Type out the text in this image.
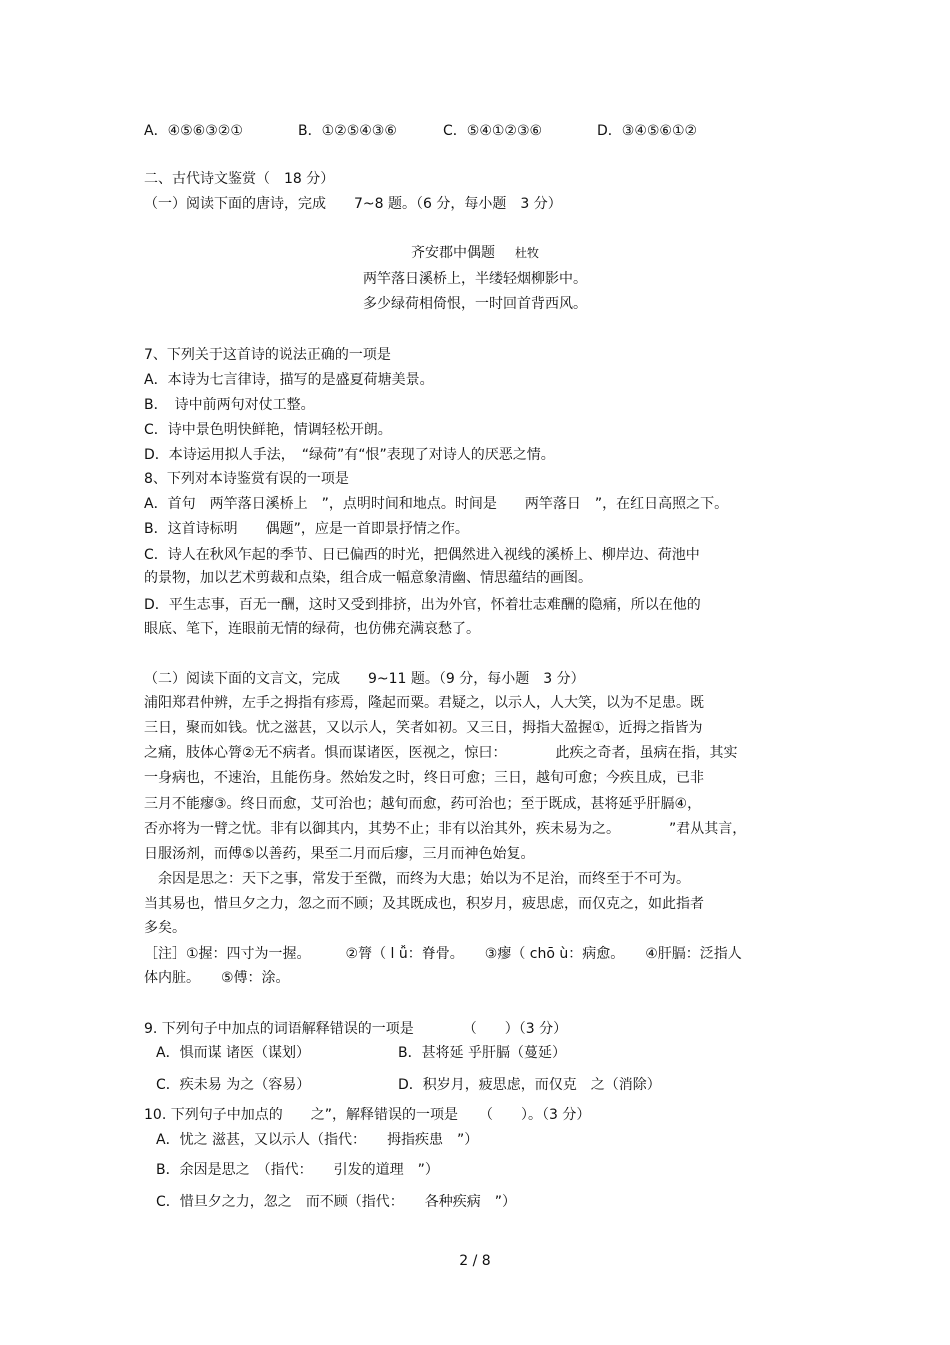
A．④⑤⑥③②①	B．①②⑤④③⑥	C．⑤④①②③⑥	D．③④⑤⑥①②
二、古代诗文鉴赏（　18 分）
（一）阅读下面的唐诗，完成　　7~8 题。（6 分，每小题　3 分）
齐安郡中偶题 杜牧
两竿落日溪桥上，半缕轻烟柳影中。
多少绿荷相倚恨，一时回首背西风。
7、下列关于这首诗的说法正确的一项是
A．本诗为七言律诗，描写的是盛夏荷塘美景。
B．　诗中前两句对仗工整。
C．诗中景色明快鲜艳，情调轻松开朗。
D．本诗运用拟人手法，　“绿荷”有“恨”表现了对诗人的厌恶之情。
8、下列对本诗鉴赏有误的一项是
A．首句　两竿落日溪桥上　”，点明时间和地点。时间是　　两竿落日　”，在红日高照之下。
B．这首诗标明　　偶题”，应是一首即景抒情之作。
C．诗人在秋风乍起的季节、日已偏西的时光，把偶然进入视线的溪桥上、柳岸边、荷池中
的景物，加以艺术剪裁和点染，组合成一幅意象清幽、情思蕴结的画图。
D．平生志事，百无一酬，这时又受到排挤，出为外官，怀着壮志难酬的隐痛，所以在他的
眼底、笔下，连眼前无情的绿荷，也仿佛充满哀愁了。
（二）阅读下面的文言文，完成　　9~11 题。（9 分，每小题　3 分）
浦阳郑君仲辨，左手之拇指有疹焉，隆起而粟。君疑之，以示人，人大笑，以为不足患。既
三日，聚而如钱。忧之滋甚，又以示人，笑者如初。又三日，拇指大盈握①，近拇之指皆为
之痛，肢体心膂②无不病者。惧而谋诸医，医视之，惊曰：　　　　此疾之奇者，虽病在指，其实
一身病也，不速治，且能伤身。然始发之时，终日可愈；三日，越旬可愈；今疾且成，已非
三月不能瘳③。终日而愈，艾可治也；越旬而愈，药可治也；至于既成，甚将延乎肝膈④，
否亦将为一臂之忧。非有以御其内，其势不止；非有以治其外，疾未易为之。　　　　”君从其言，
日服汤剂，而傅⑤以善药，果至二月而后瘳，三月而神色始复。
　余因是思之：天下之事，常发于至微，而终为大患；始以为不足治，而终至于不可为。
当其易也，惜旦夕之力，忽之而不顾；及其既成也，积岁月，疲思虑，而仅克之，如此指者
多矣。
［注］①握：四寸为一握。　　　②膂（ l ǚ：脊骨。　　③瘳（ chō ù：病愈。　　④肝膈：泛指人
体内脏。　　⑤傅：涂。
9. 下列句子中加点的词语解释错误的一项是　　　　（　　）（3 分）
A．惧而谋 诸医（谋划）	B．甚将延 乎肝膈（蔓延）
C．疾未易 为之（容易）	D．积岁月，疲思虑，而仅克　之（消除）
10. 下列句子中加点的　　之”，解释错误的一项是　　（　　）。（3 分）
A．忧之 滋甚，又以示人（指代：　　拇指疾患　”）
B．余因是思之　（指代：　　引发的道理　”）
C．惜旦夕之力，忽之　而不顾（指代：　　各种疾病　”）
2 / 8
